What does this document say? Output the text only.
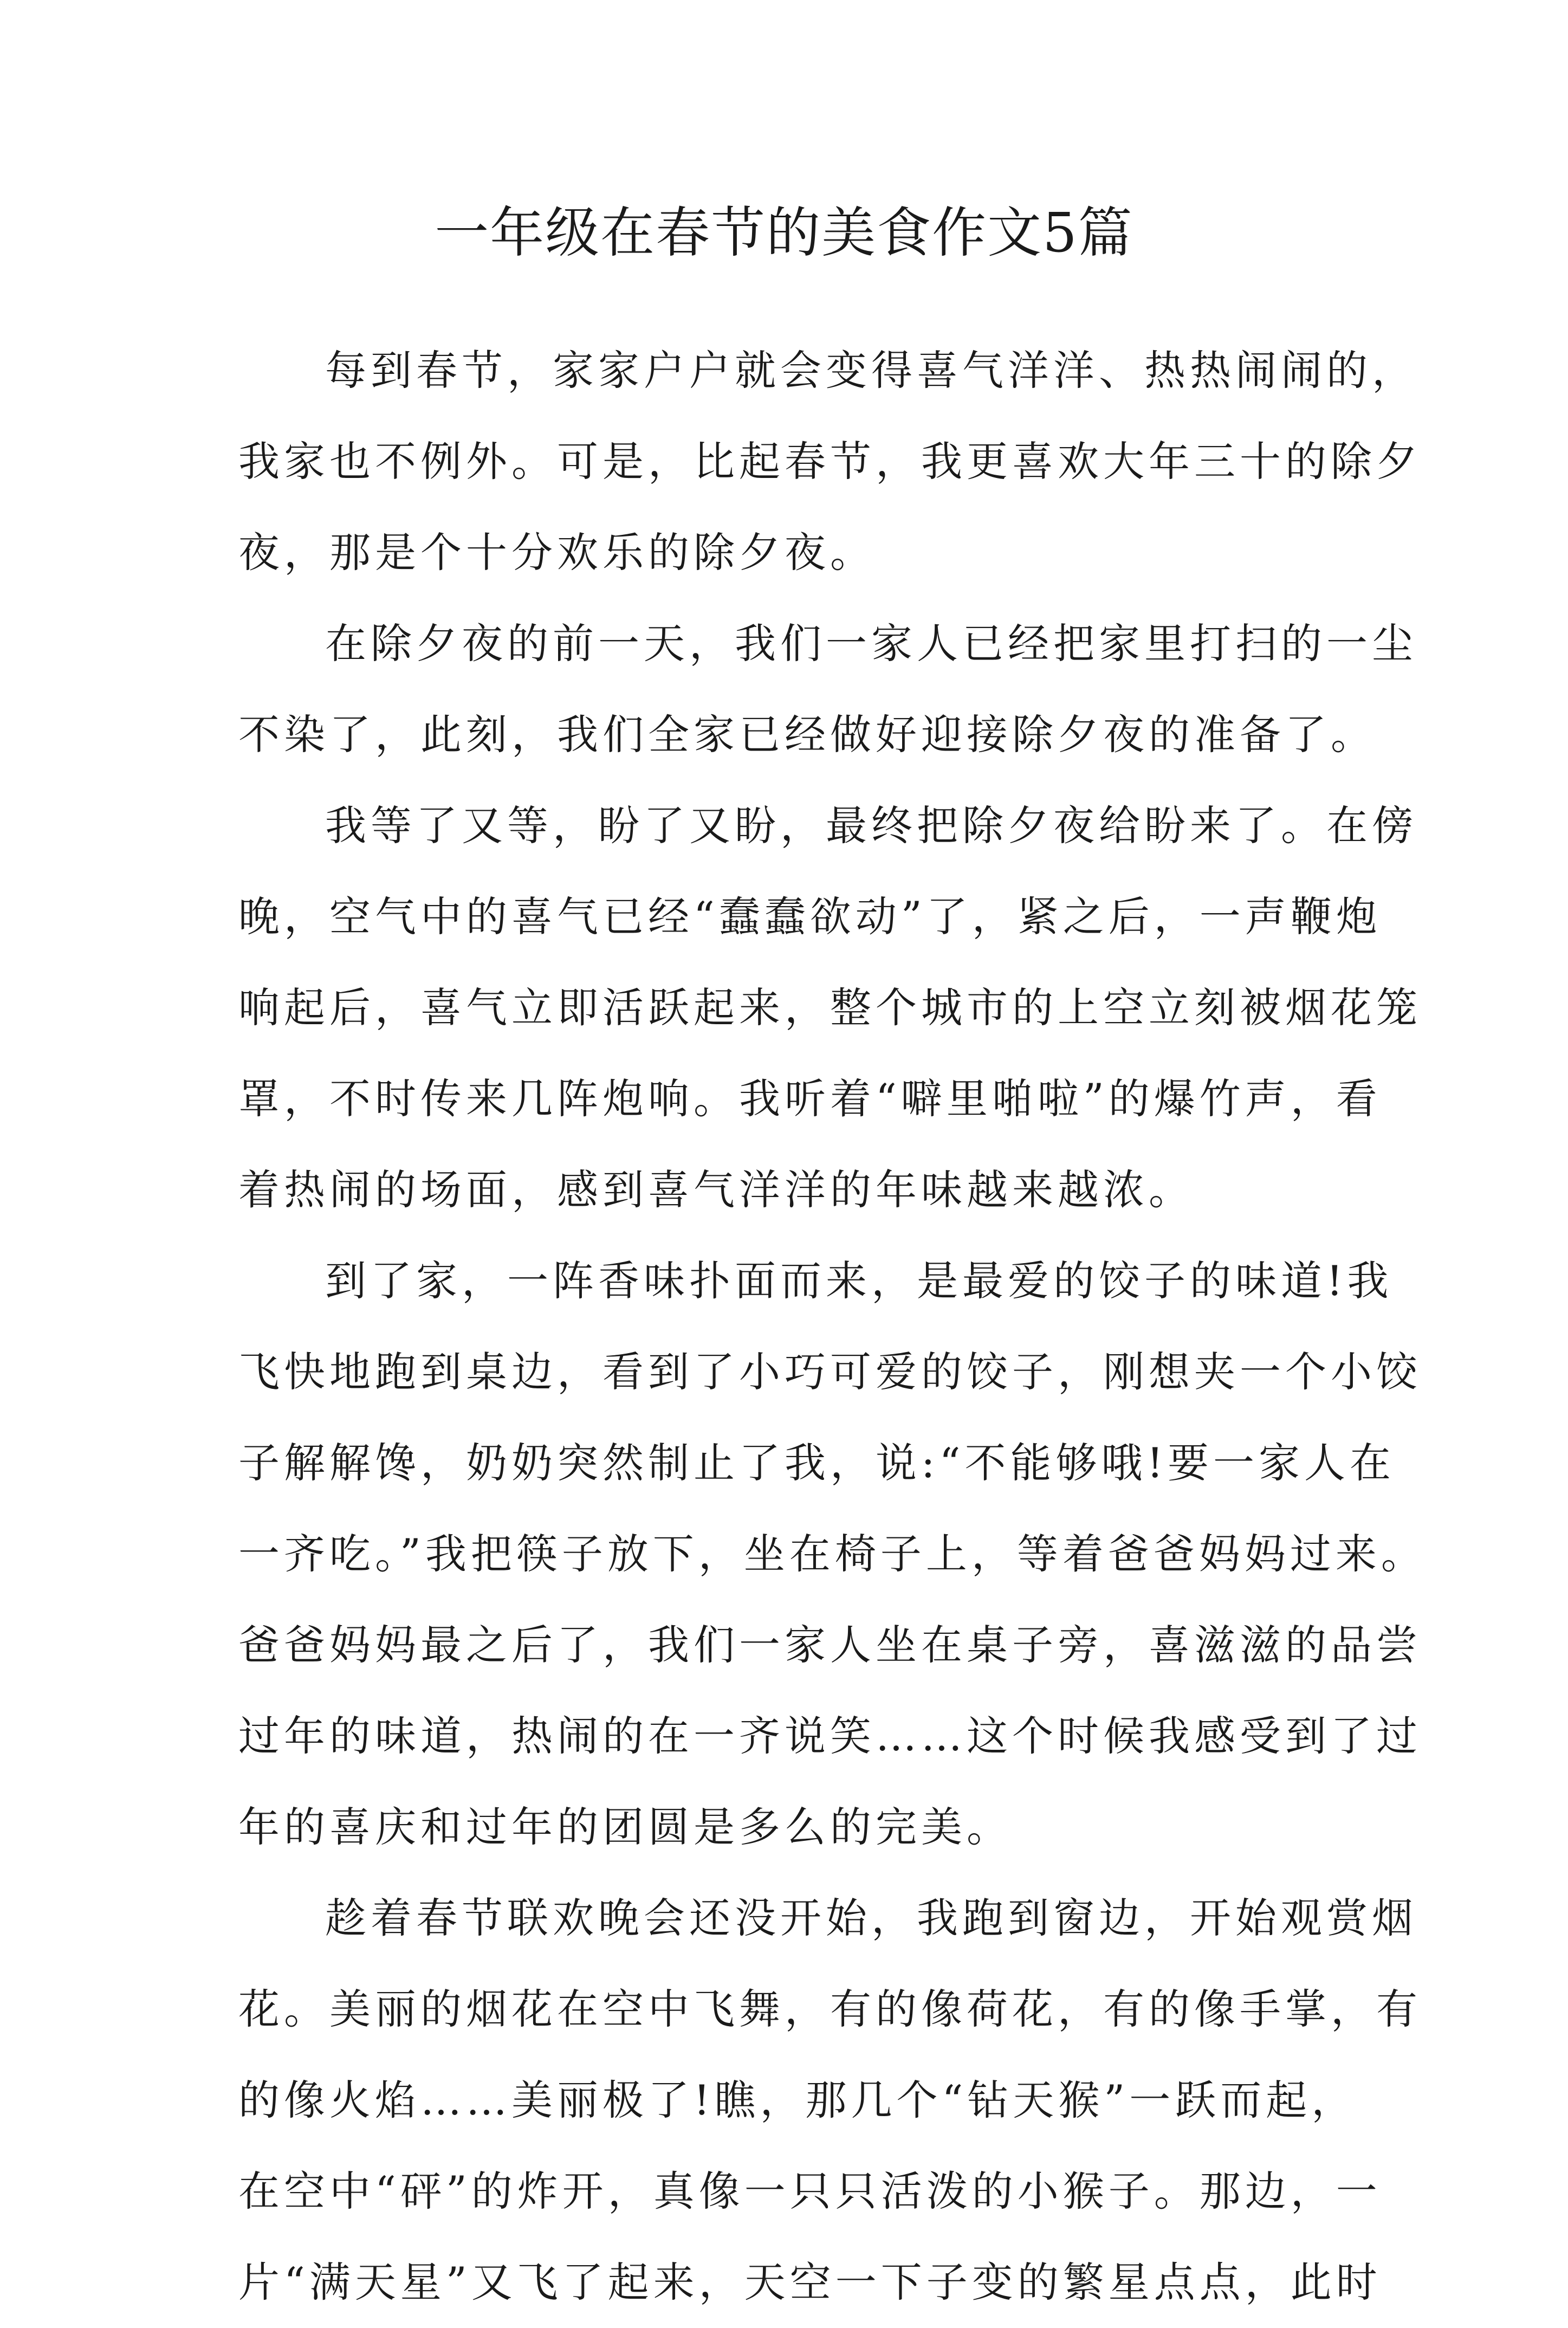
一年级在春节的美食作文5篇
每到春节，家家户户就会变得喜气洋洋、热热闹闹的，
我家也不例外。可是，比起春节，我更喜欢大年三十的除夕
夜，那是个十分欢乐的除夕夜。
在除夕夜的前一天，我们一家人已经把家里打扫的一尘
不染了，此刻，我们全家已经做好迎接除夕夜的准备了。
我等了又等，盼了又盼，最终把除夕夜给盼来了。在傍
晚，空气中的喜气已经“蠢蠢欲动”了，紧之后，一声鞭炮
响起后，喜气立即活跃起来，整个城市的上空立刻被烟花笼
罩，不时传来几阵炮响。我听着“噼里啪啦”的爆竹声，看
着热闹的场面，感到喜气洋洋的年味越来越浓。
到了家，一阵香味扑面而来，是最爱的饺子的味道!我
飞快地跑到桌边，看到了小巧可爱的饺子，刚想夹一个小饺
子解解馋，奶奶突然制止了我，说:“不能够哦!要一家人在
一齐吃。”我把筷子放下，坐在椅子上，等着爸爸妈妈过来。
爸爸妈妈最之后了，我们一家人坐在桌子旁，喜滋滋的品尝
过年的味道，热闹的在一齐说笑……这个时候我感受到了过
年的喜庆和过年的团圆是多么的完美。
趁着春节联欢晚会还没开始，我跑到窗边，开始观赏烟
花。美丽的烟花在空中飞舞，有的像荷花，有的像手掌，有
的像火焰……美丽极了!瞧，那几个“钻天猴”一跃而起，
在空中“砰”的炸开，真像一只只活泼的小猴子。那边，一
片“满天星”又飞了起来，天空一下子变的繁星点点，此时
